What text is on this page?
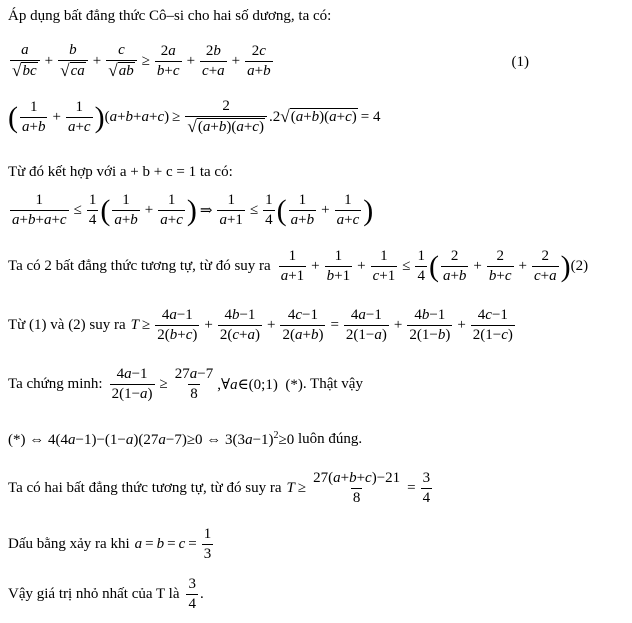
Áp dụng bất đẳng thức Cô–si cho hai số dương, ta có:
$\frac{a}{√ bc} + \frac{b}{√ ca} + \frac{c}{√ ab} \ge \frac{2a}{b+c} + \frac{2b}{c+a} + \frac{2c}{a+b}$	(1)
( $\frac{1}{a+b} + \frac{1}{a+c}$ ) $(a+b+a+c) \ge \frac{2}{√ (a+b)(a+c)} .2$ √ (a+b)(a+c) = 4
Từ đó kết hợp với a + b + c = 1 ta có:
$\frac{1}{a+b+a+c} \le \frac{1}{4}$ ( $\frac{1}{a+b} + \frac{1}{a+c}$ ) ⇒ $\frac{1}{a+1} \le \frac{1}{4}$ ( $\frac{1}{a+b} + \frac{1}{a+c}$ )
Ta có 2 bất đẳng thức tương tự, từ đó suy ra $\frac{1}{a+1} + \frac{1}{b+1} + \frac{1}{c+1} \le \frac{1}{4}$ ( $\frac{2}{a+b} + \frac{2}{b+c} + \frac{2}{c+a}$ ) (2)
Từ (1) và (2) suy ra $T \ge \frac{4a-1}{2(b+c)} + \frac{4b-1}{2(c+a)} + \frac{4c-1}{2(a+b)} = \frac{4a-1}{2(1-a)} + \frac{4b-1}{2(1-b)} + \frac{4c-1}{2(1-c)}$
Ta chứng minh: $\frac{4a-1}{2(1-a)} \ge \frac{27a-7}{8}$ ,∀a∈(0;1)  (*) . Thật vậy
(*) ⇔ 4(4a−1)−(1−a)(27a−7)≥0 ⇔ $3(3a-1)^2\ge 0$ luôn đúng.
Ta có hai bất đẳng thức tương tự, từ đó suy ra $T \ge \frac{27(a+b+c)-21}{8} = \frac{3}{4}$
Dấu bằng xảy ra khi $a = b = c = \frac{1}{3}$
Vậy giá trị nhỏ nhất của T là $\frac{3}{4}$ .
